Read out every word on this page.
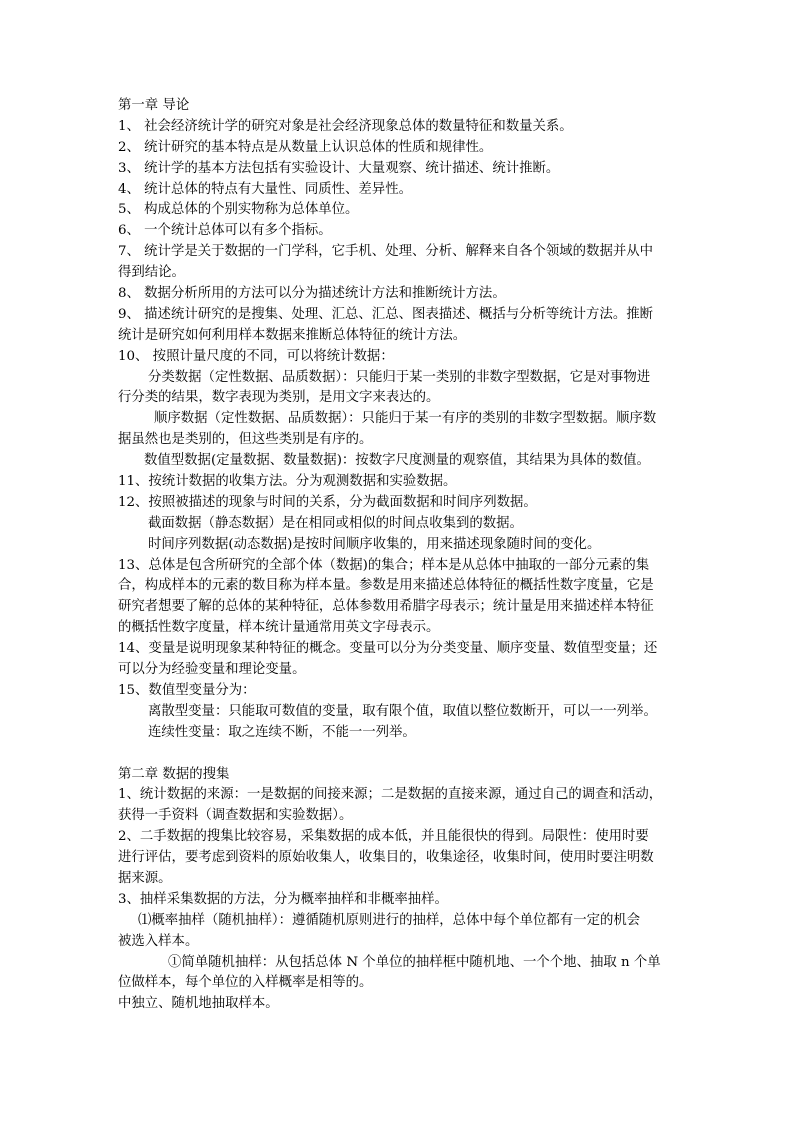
第一章 导论
1、 社会经济统计学的研究对象是社会经济现象总体的数量特征和数量关系。
2、 统计研究的基本特点是从数量上认识总体的性质和规律性。
3、 统计学的基本方法包括有实验设计、大量观察、统计描述、统计推断。
4、 统计总体的特点有大量性、同质性、差异性。
5、 构成总体的个别实物称为总体单位。
6、 一个统计总体可以有多个指标。
7、 统计学是关于数据的一门学科，它手机、处理、分析、解释来自各个领域的数据并从中
得到结论。
8、 数据分析所用的方法可以分为描述统计方法和推断统计方法。
9、 描述统计研究的是搜集、处理、汇总、汇总、图表描述、概括与分析等统计方法。推断
统计是研究如何利用样本数据来推断总体特征的统计方法。
10、 按照计量尺度的不同，可以将统计数据：
分类数据（定性数据、品质数据）：只能归于某一类别的非数字型数据，它是对事物进
行分类的结果，数字表现为类别，是用文字来表达的。
顺序数据（定性数据、品质数据）：只能归于某一有序的类别的非数字型数据。顺序数
据虽然也是类别的，但这些类别是有序的。
数值型数据(定量数据、数量数据)：按数字尺度测量的观察值，其结果为具体的数值。
11、按统计数据的收集方法。分为观测数据和实验数据。
12、按照被描述的现象与时间的关系，分为截面数据和时间序列数据。
截面数据（静态数据）是在相同或相似的时间点收集到的数据。
时间序列数据(动态数据)是按时间顺序收集的，用来描述现象随时间的变化。
13、总体是包含所研究的全部个体（数据)的集合；样本是从总体中抽取的一部分元素的集
合，构成样本的元素的数目称为样本量。参数是用来描述总体特征的概括性数字度量，它是
研究者想要了解的总体的某种特征，总体参数用希腊字母表示；统计量是用来描述样本特征
的概括性数字度量，样本统计量通常用英文字母表示。
14、变量是说明现象某种特征的概念。变量可以分为分类变量、顺序变量、数值型变量；还
可以分为经验变量和理论变量。
15、数值型变量分为：
离散型变量：只能取可数值的变量，取有限个值，取值以整位数断开，可以一一列举。
连续性变量：取之连续不断，不能一一列举。
第二章 数据的搜集
1、统计数据的来源：一是数据的间接来源；二是数据的直接来源，通过自己的调查和活动，
获得一手资料（调查数据和实验数据）。
2、二手数据的搜集比较容易，采集数据的成本低，并且能很快的得到。局限性：使用时要
进行评估，要考虑到资料的原始收集人，收集目的，收集途径，收集时间，使用时要注明数
据来源。
3、抽样采集数据的方法，分为概率抽样和非概率抽样。
⑴概率抽样（随机抽样）：遵循随机原则进行的抽样，总体中每个单位都有一定的机会
被选入样本。
①简单随机抽样：从包括总体 N 个单位的抽样框中随机地、一个个地、抽取 n 个单
位做样本，每个单位的入样概率是相等的。
中独立、随机地抽取样本。
